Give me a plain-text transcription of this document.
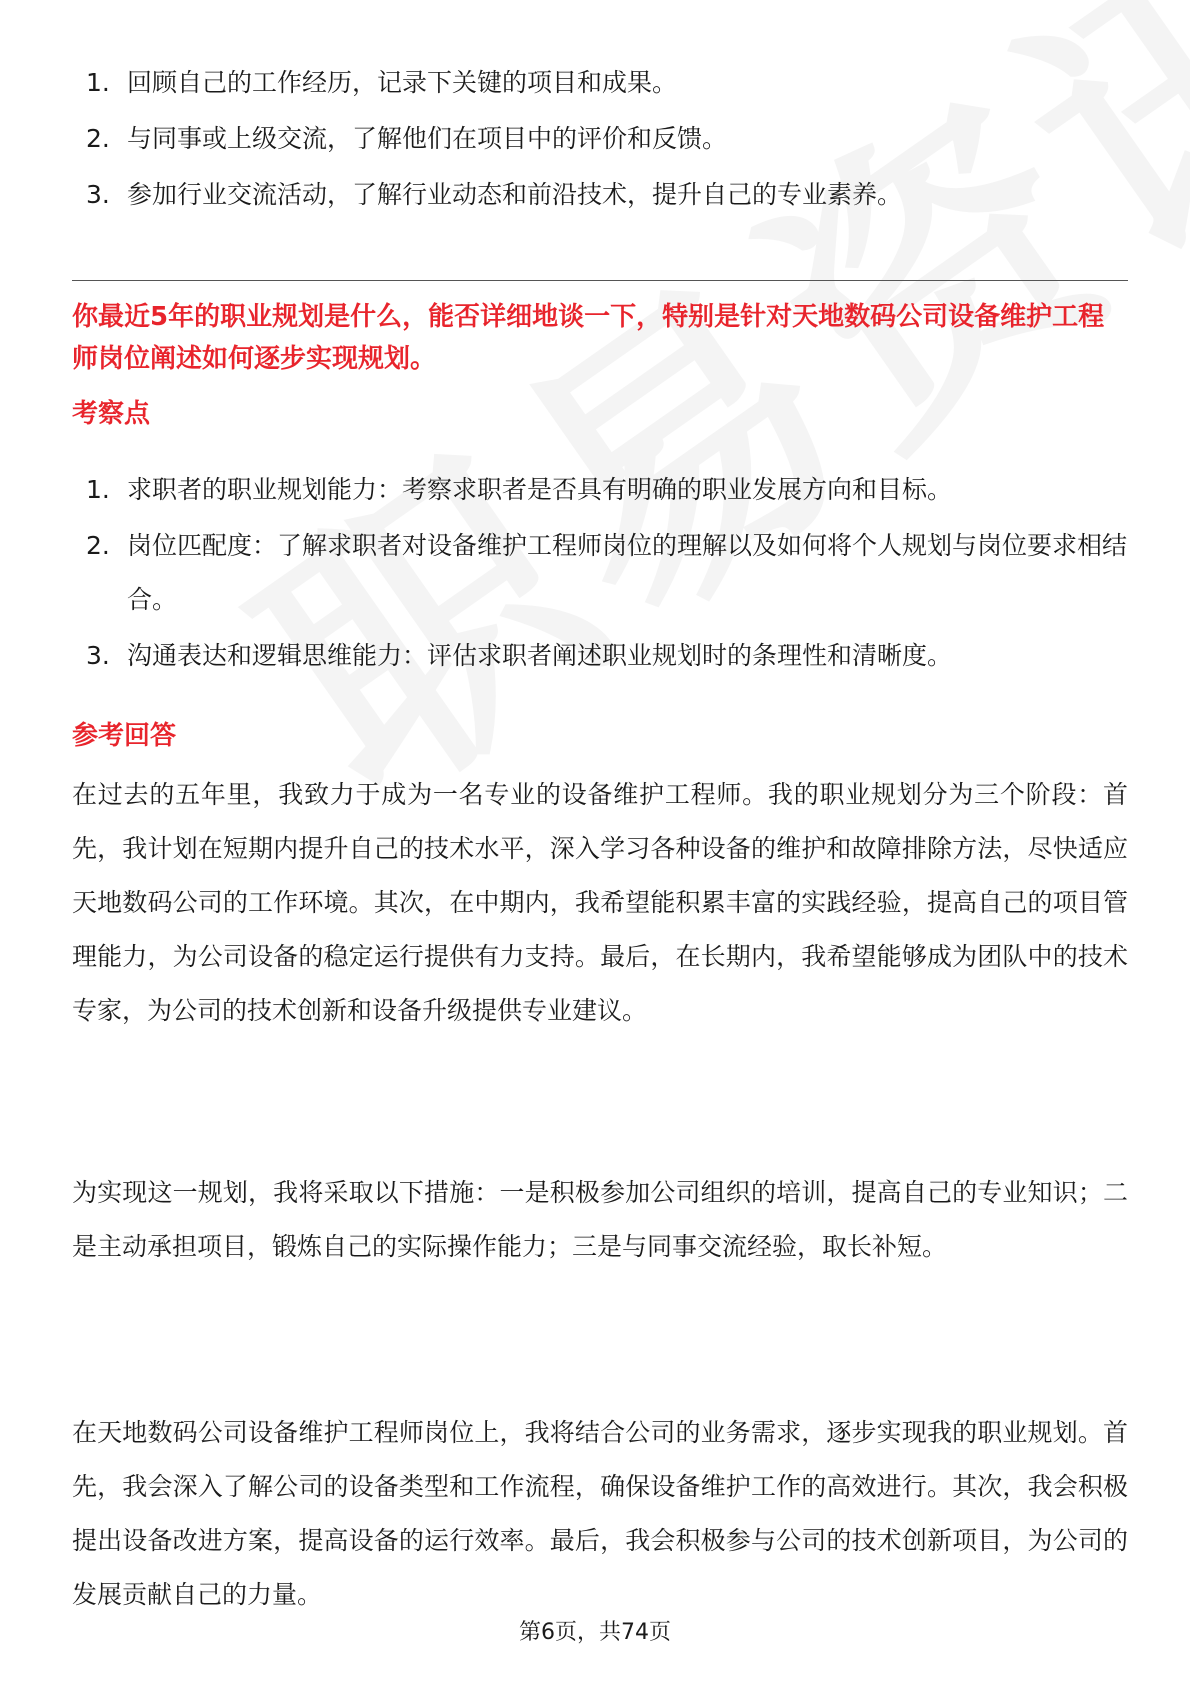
1. 回顾自己的工作经历，记录下关键的项目和成果。
2. 与同事或上级交流，了解他们在项目中的评价和反馈。
3. 参加行业交流活动，了解行业动态和前沿技术，提升自己的专业素养。
你最近5年的职业规划是什么，能否详细地谈一下，特别是针对天地数码公司设备维护工程师岗位阐述如何逐步实现规划。
考察点
1. 求职者的职业规划能力：考察求职者是否具有明确的职业发展方向和目标。
2. 岗位匹配度：了解求职者对设备维护工程师岗位的理解以及如何将个人规划与岗位要求相结合。
3. 沟通表达和逻辑思维能力：评估求职者阐述职业规划时的条理性和清晰度。
参考回答

在过去的五年里，我致力于成为一名专业的设备维护工程师。我的职业规划分为三个阶段：首先，我计划在短期内提升自己的技术水平，深入学习各种设备的维护和故障排除方法，尽快适应天地数码公司的工作环境。其次，在中期内，我希望能积累丰富的实践经验，提高自己的项目管理能力，为公司设备的稳定运行提供有力支持。最后，在长期内，我希望能够成为团队中的技术专家，为公司的技术创新和设备升级提供专业建议。

为实现这一规划，我将采取以下措施：一是积极参加公司组织的培训，提高自己的专业知识；二是主动承担项目，锻炼自己的实际操作能力；三是与同事交流经验，取长补短。

在天地数码公司设备维护工程师岗位上，我将结合公司的业务需求，逐步实现我的职业规划。首先，我会深入了解公司的设备类型和工作流程，确保设备维护工作的高效进行。其次，我会积极提出设备改进方案，提高设备的运行效率。最后，我会积极参与公司的技术创新项目，为公司的发展贡献自己的力量。

第6页，共74页
